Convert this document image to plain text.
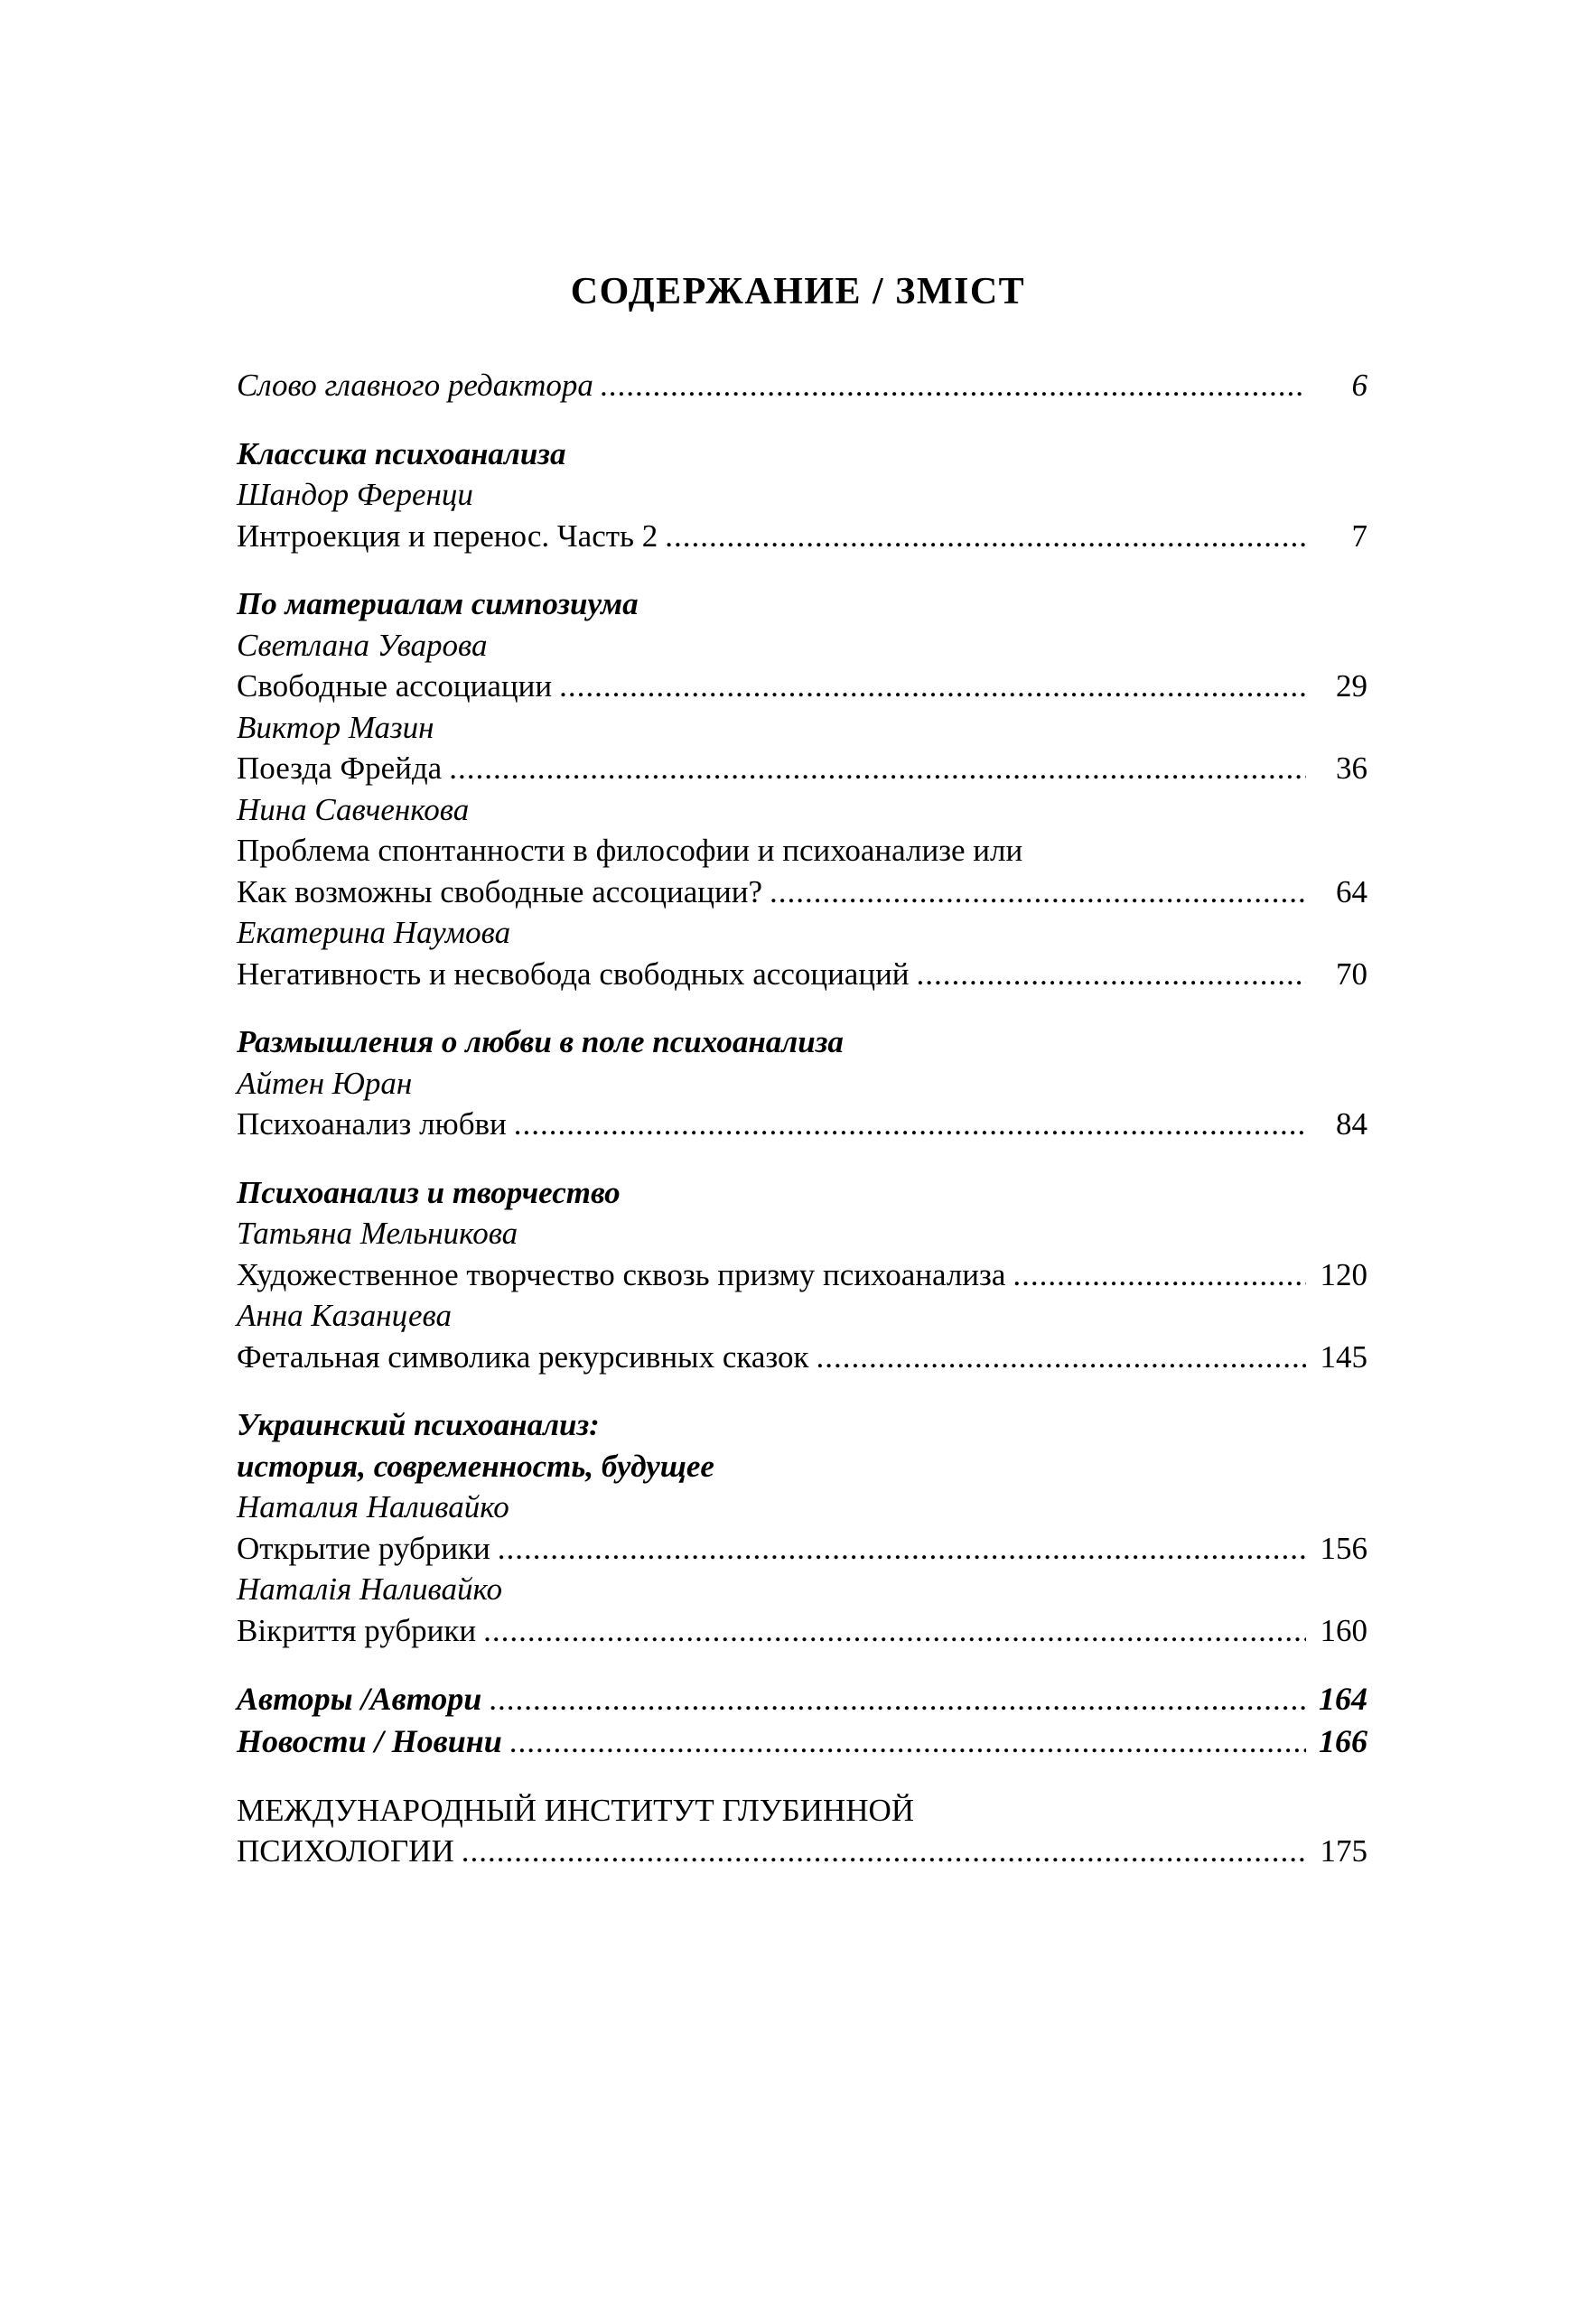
СОДЕРЖАНИЕ / ЗМІСТ
Слово главного редактора .....	6
Классика психоанализа
Шандор Ференци
Интроекция и перенос. Часть 2 .....	7
По материалам симпозиума
Светлана Уварова
Свободные ассоциации .....	29
Виктор Мазин
Поезда Фрейда .....	36
Нина Савченкова
Проблема спонтанности в философии и психоанализе или
Как возможны свободные ассоциации? .....	64
Екатерина Наумова
Негативность и несвобода свободных ассоциаций .....	70
Размышления о любви в поле психоанализа
Айтен Юран
Психоанализ любви .....	84
Психоанализ и творчество
Татьяна Мельникова
Художественное творчество сквозь призму психоанализа .....	120
Анна Казанцева
Фетальная символика рекурсивных сказок .....	145
Украинский психоанализ:
история, современность, будущее
Наталия Наливайко
Открытие рубрики .....	156
Наталія Наливайко
Вікриття рубрики .....	160
Авторы /Автори .....	164
Новости / Новини .....	166
МЕЖДУНАРОДНЫЙ ИНСТИТУТ ГЛУБИННОЙ
ПСИХОЛОГИИ .....	175
